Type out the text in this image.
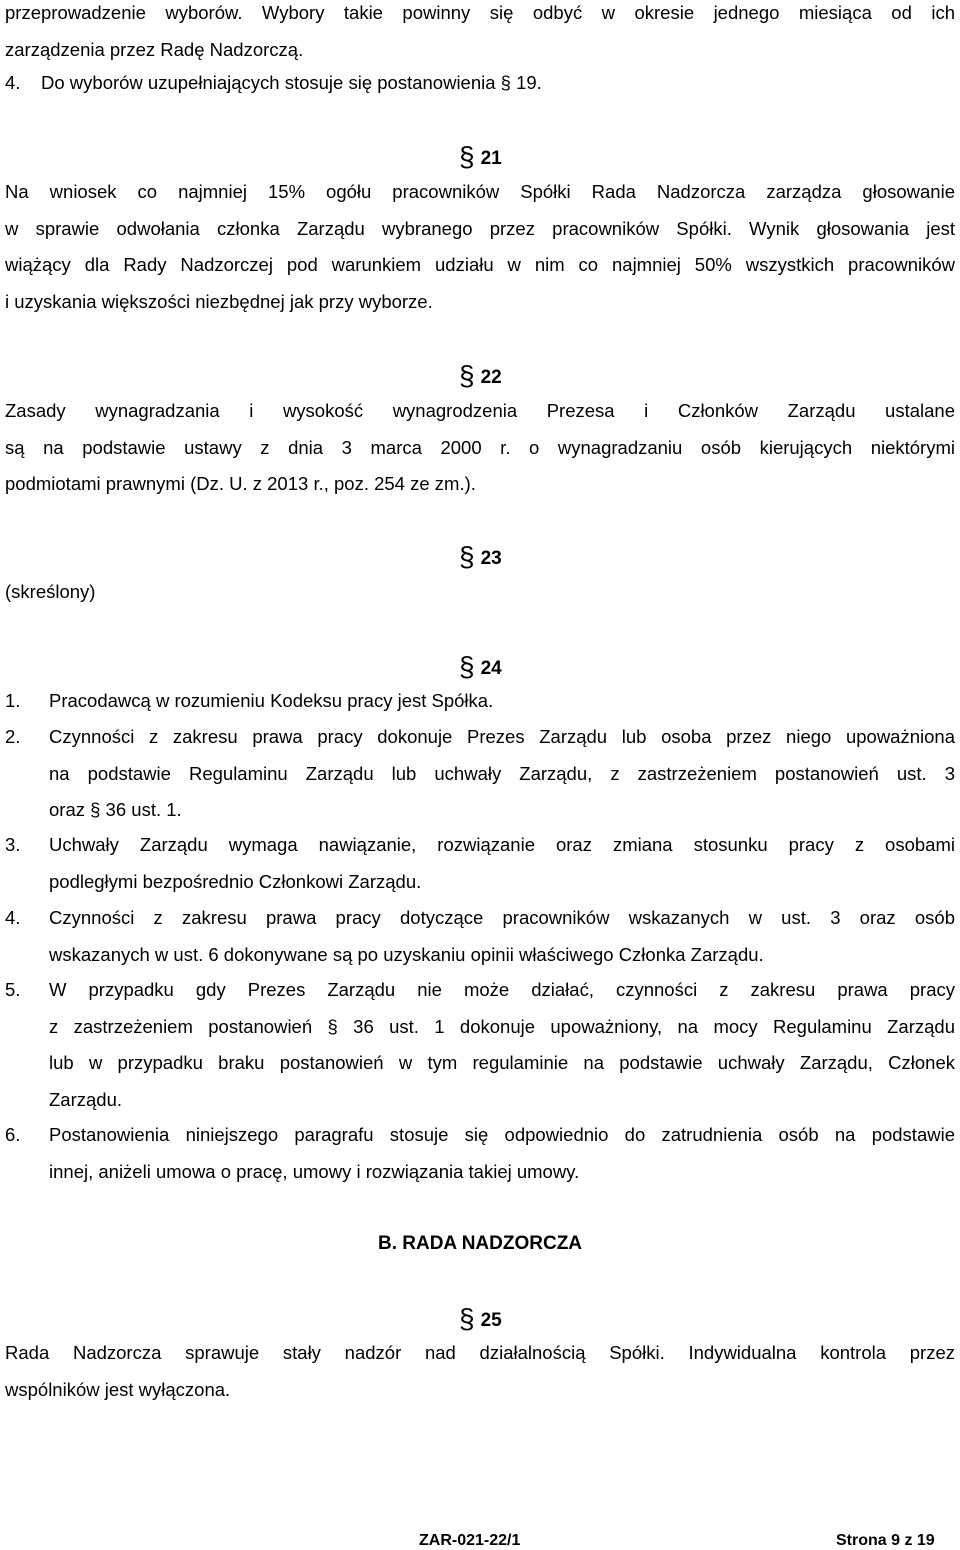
przeprowadzenie wyborów. Wybory takie powinny się odbyć w okresie jednego miesiąca od ich
zarządzenia przez Radę Nadzorczą.
4.	Do wyborów uzupełniających stosuje się postanowienia § 19.
§ 21
Na wniosek co najmniej 15% ogółu pracowników Spółki Rada Nadzorcza zarządza głosowanie
w sprawie odwołania członka Zarządu wybranego przez pracowników Spółki. Wynik głosowania jest
wiążący dla Rady Nadzorczej pod warunkiem udziału w nim co najmniej 50% wszystkich pracowników
i uzyskania większości niezbędnej jak przy wyborze.
§ 22
Zasady wynagradzania i wysokość wynagrodzenia Prezesa i Członków Zarządu ustalane
są na podstawie ustawy z dnia 3 marca 2000 r. o wynagradzaniu osób kierujących niektórymi
podmiotami prawnymi (Dz. U. z 2013 r., poz. 254 ze zm.).
§ 23
(skreślony)
§ 24
1.	Pracodawcą w rozumieniu Kodeksu pracy jest Spółka.
2.	Czynności z zakresu prawa pracy dokonuje Prezes Zarządu lub osoba przez niego upoważniona
na podstawie Regulaminu Zarządu lub uchwały Zarządu, z zastrzeżeniem postanowień ust. 3
oraz § 36 ust. 1.
3.	Uchwały Zarządu wymaga nawiązanie, rozwiązanie oraz zmiana stosunku pracy z osobami
podległymi bezpośrednio Członkowi Zarządu.
4.	Czynności z zakresu prawa pracy dotyczące pracowników wskazanych w ust. 3 oraz osób
wskazanych w ust. 6 dokonywane są po uzyskaniu opinii właściwego Członka Zarządu.
5.	W przypadku gdy Prezes Zarządu nie może działać, czynności z zakresu prawa pracy
z zastrzeżeniem postanowień § 36 ust. 1 dokonuje upoważniony, na mocy Regulaminu Zarządu
lub w przypadku braku postanowień w tym regulaminie na podstawie uchwały Zarządu, Członek
Zarządu.
6.	Postanowienia niniejszego paragrafu stosuje się odpowiednio do zatrudnienia osób na podstawie
innej, aniżeli umowa o pracę, umowy i rozwiązania takiej umowy.
B. RADA NADZORCZA
§ 25
Rada Nadzorcza sprawuje stały nadzór nad działalnością Spółki. Indywidualna kontrola przez
wspólników jest wyłączona.
ZAR-021-22/1	Strona 9 z 19
